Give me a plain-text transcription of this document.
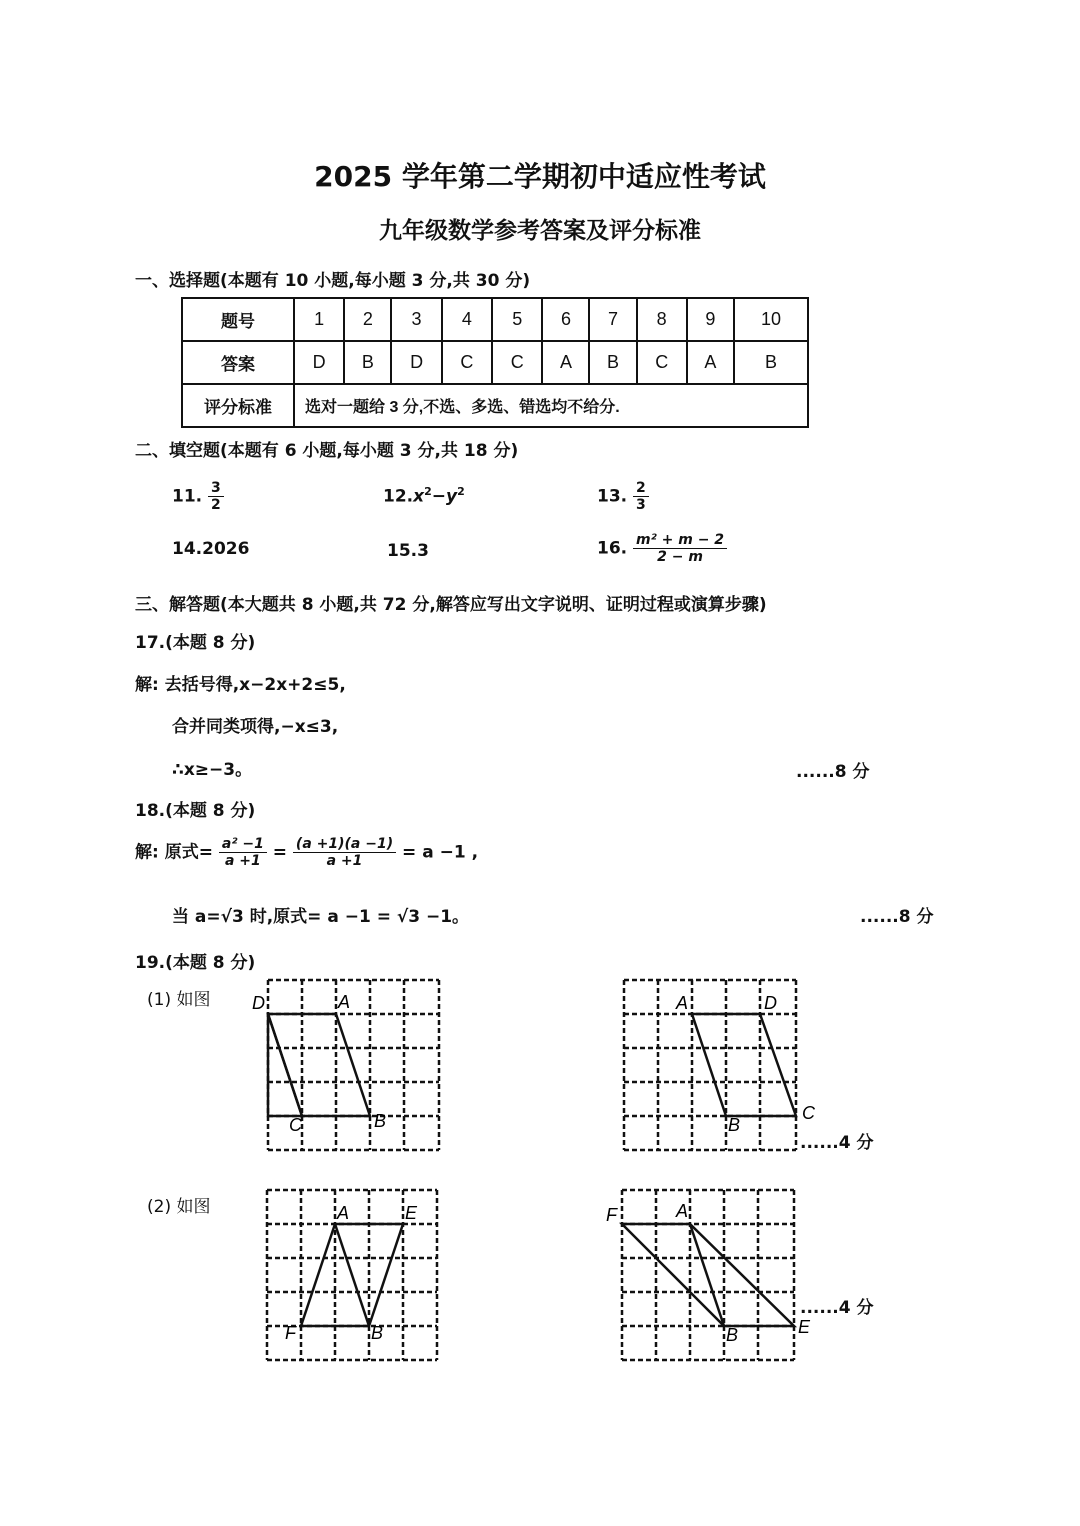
2025 学年第二学期初中适应性考试
九年级数学参考答案及评分标准
一、选择题(本题有 10 小题,每小题 3 分,共 30 分)
题号	1	2	3	4	5	6	7	8	9	10
答案	D	B	D	C	C	A	B	C	A	B
评分标准	选对一题给 3 分,不选、多选、错选均不给分.									
二、填空题(本题有 6 小题,每小题 3 分,共 18 分)
11. $\frac{3}{2}$	$12.x^2-y^2$	13. $\frac{2}{3}$
14.2026	15.3	16. $\frac{\text{m² + m − 2}}{2 - m}$
三、解答题(本大题共 8 小题,共 72 分,解答应写出文字说明、证明过程或演算步骤)
17.(本题 8 分)
解: 去括号得,x−2x+2≤5,
合并同类项得,−x≤3,
∴x≥−3。	......8 分
18.(本题 8 分)
解: 原式= $\frac{\text{a² −1}}{a +1} = \frac{(a +1)(a -1)}{a +1} = a -1$ ,
当 a=√3 时,原式= a −1 = √3 −1。	......8 分
19.(本题 8 分)
(1) 如图
(2) 如图
......4 分
......4 分
D	A
C	B
A	D
B
C
A	E
F	B
F	A
B	E
